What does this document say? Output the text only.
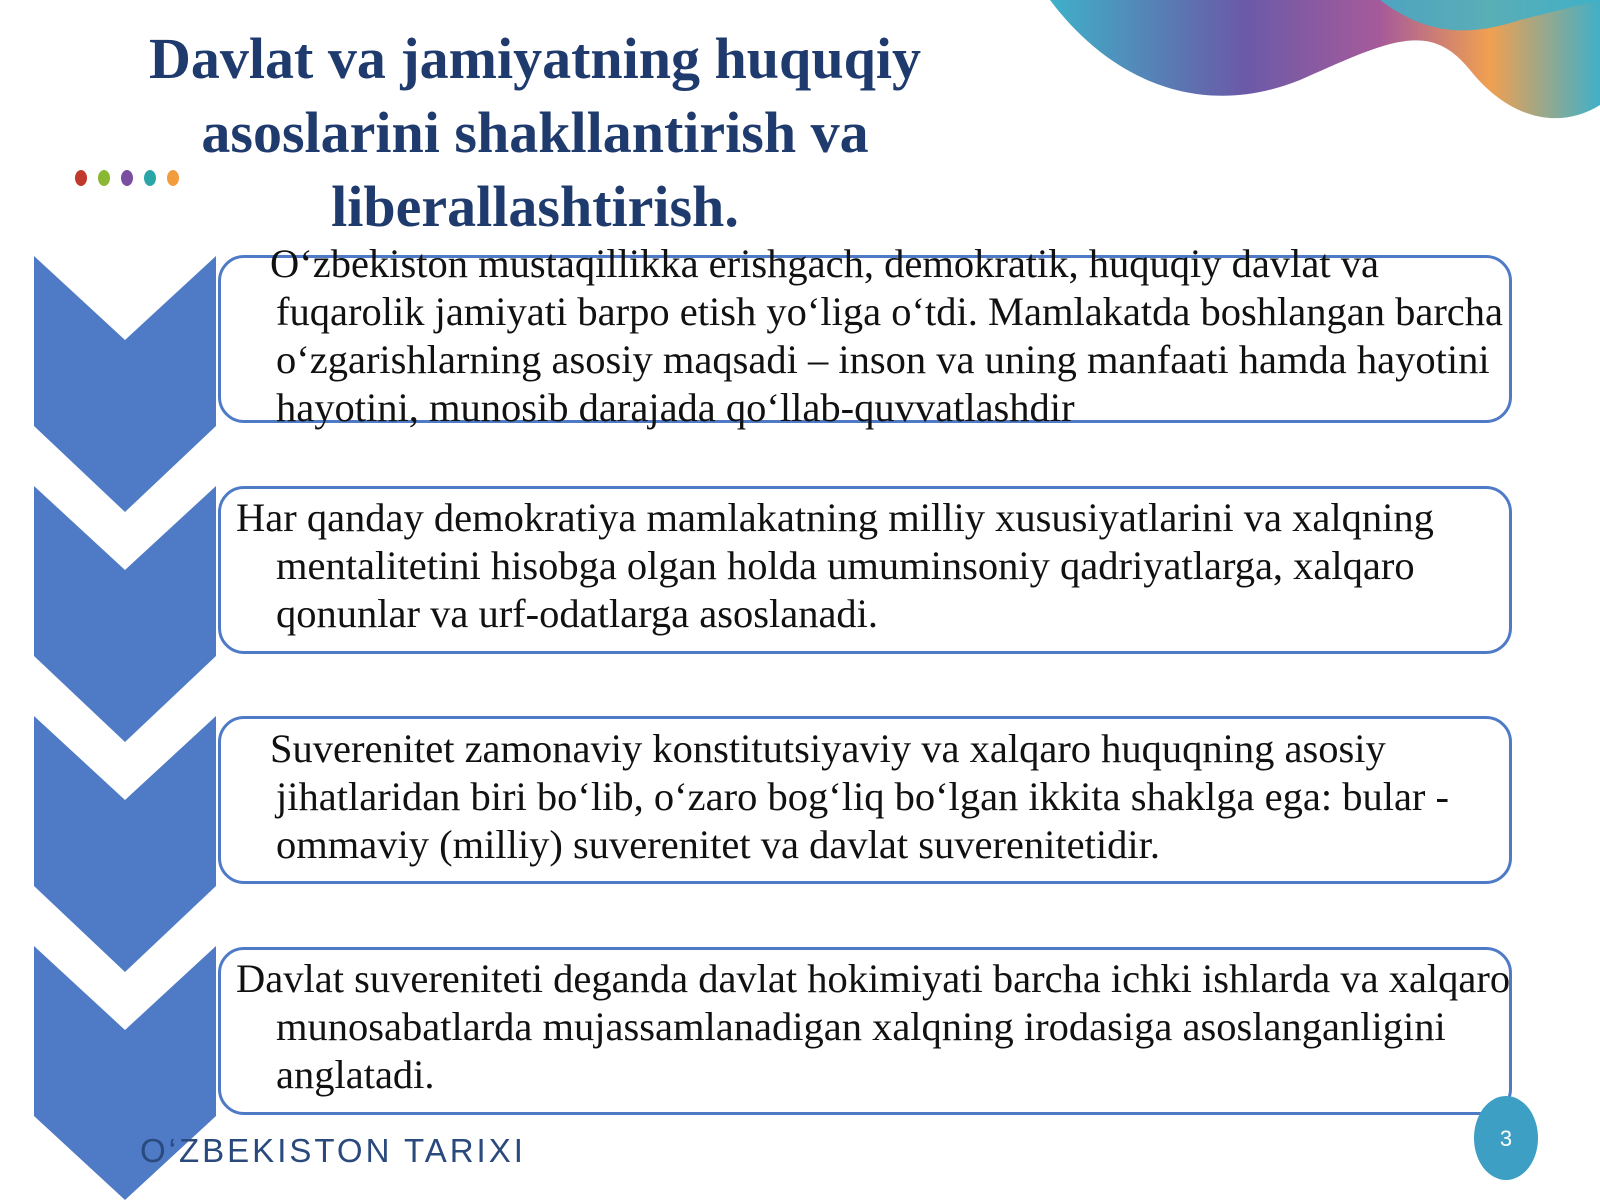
Davlat va jamiyatning huquqiy asoslarini shakllantirish va liberallashtirish.

O‘zbekiston mustaqillikka erishgach, demokratik, huquqiy davlat va fuqarolik jamiyati barpo etish yo‘liga o‘tdi. Mamlakatda boshlangan barcha o‘zgarishlarning asosiy maqsadi – inson va uning manfaati hamda hayotini hayotini, munosib darajada qo‘llab-quvvatlashdir

Har qanday demokratiya mamlakatning milliy xususiyatlarini va xalqning mentalitetini hisobga olgan holda umuminsoniy qadriyatlarga, xalqaro qonunlar va urf-odatlarga asoslanadi.

Suverenitet zamonaviy konstitutsiyaviy va xalqaro huquqning asosiy jihatlaridan biri bo‘lib, o‘zaro bog‘liq bo‘lgan ikkita shaklga ega: bular -ommaviy (milliy) suverenitet va davlat suverenitetidir.

Davlat suvereniteti deganda davlat hokimiyati barcha ichki ishlarda va xalqaro munosabatlarda mujassamlanadigan xalqning irodasiga asoslanganligini anglatadi.

O‘ZBEKISTON TARIXI	3
